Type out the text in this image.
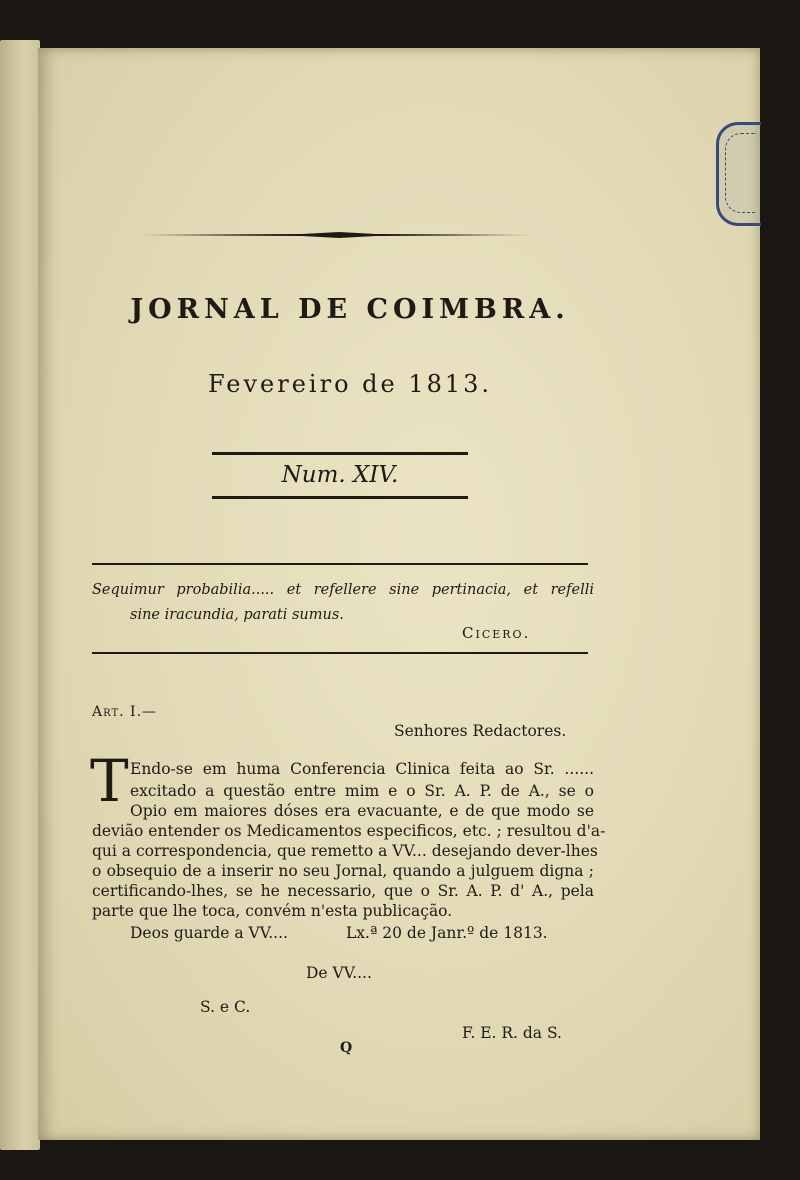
JORNAL DE COIMBRA.
Fevereiro de 1813.
Num. XIV.
Sequimur probabilia..... et refellere sine pertinacia, et refelli
sine iracundia, parati sumus.
Cicero.
Art. I.—
Senhores Redactores.
T Endo-se em huma Conferencia Clinica feita ao Sr. ......
excitado a questão entre mim e o Sr. A. P. de A., se o
Opio em maiores dóses era evacuante, e de que modo se
devião entender os Medicamentos especificos, etc. ; resultou d'a-
qui a correspondencia, que remetto a VV... desejando dever-lhes
o obsequio de a inserir no seu Jornal, quando a julguem digna ;
certificando-lhes, se he necessario, que o Sr. A. P. d' A., pela
parte que lhe toca, convém n'esta publicação.
Deos guarde a VV....	Lx.ª 20 de Janr.º de 1813.
De VV....
S. e C.
F. E. R. da S.
Q
